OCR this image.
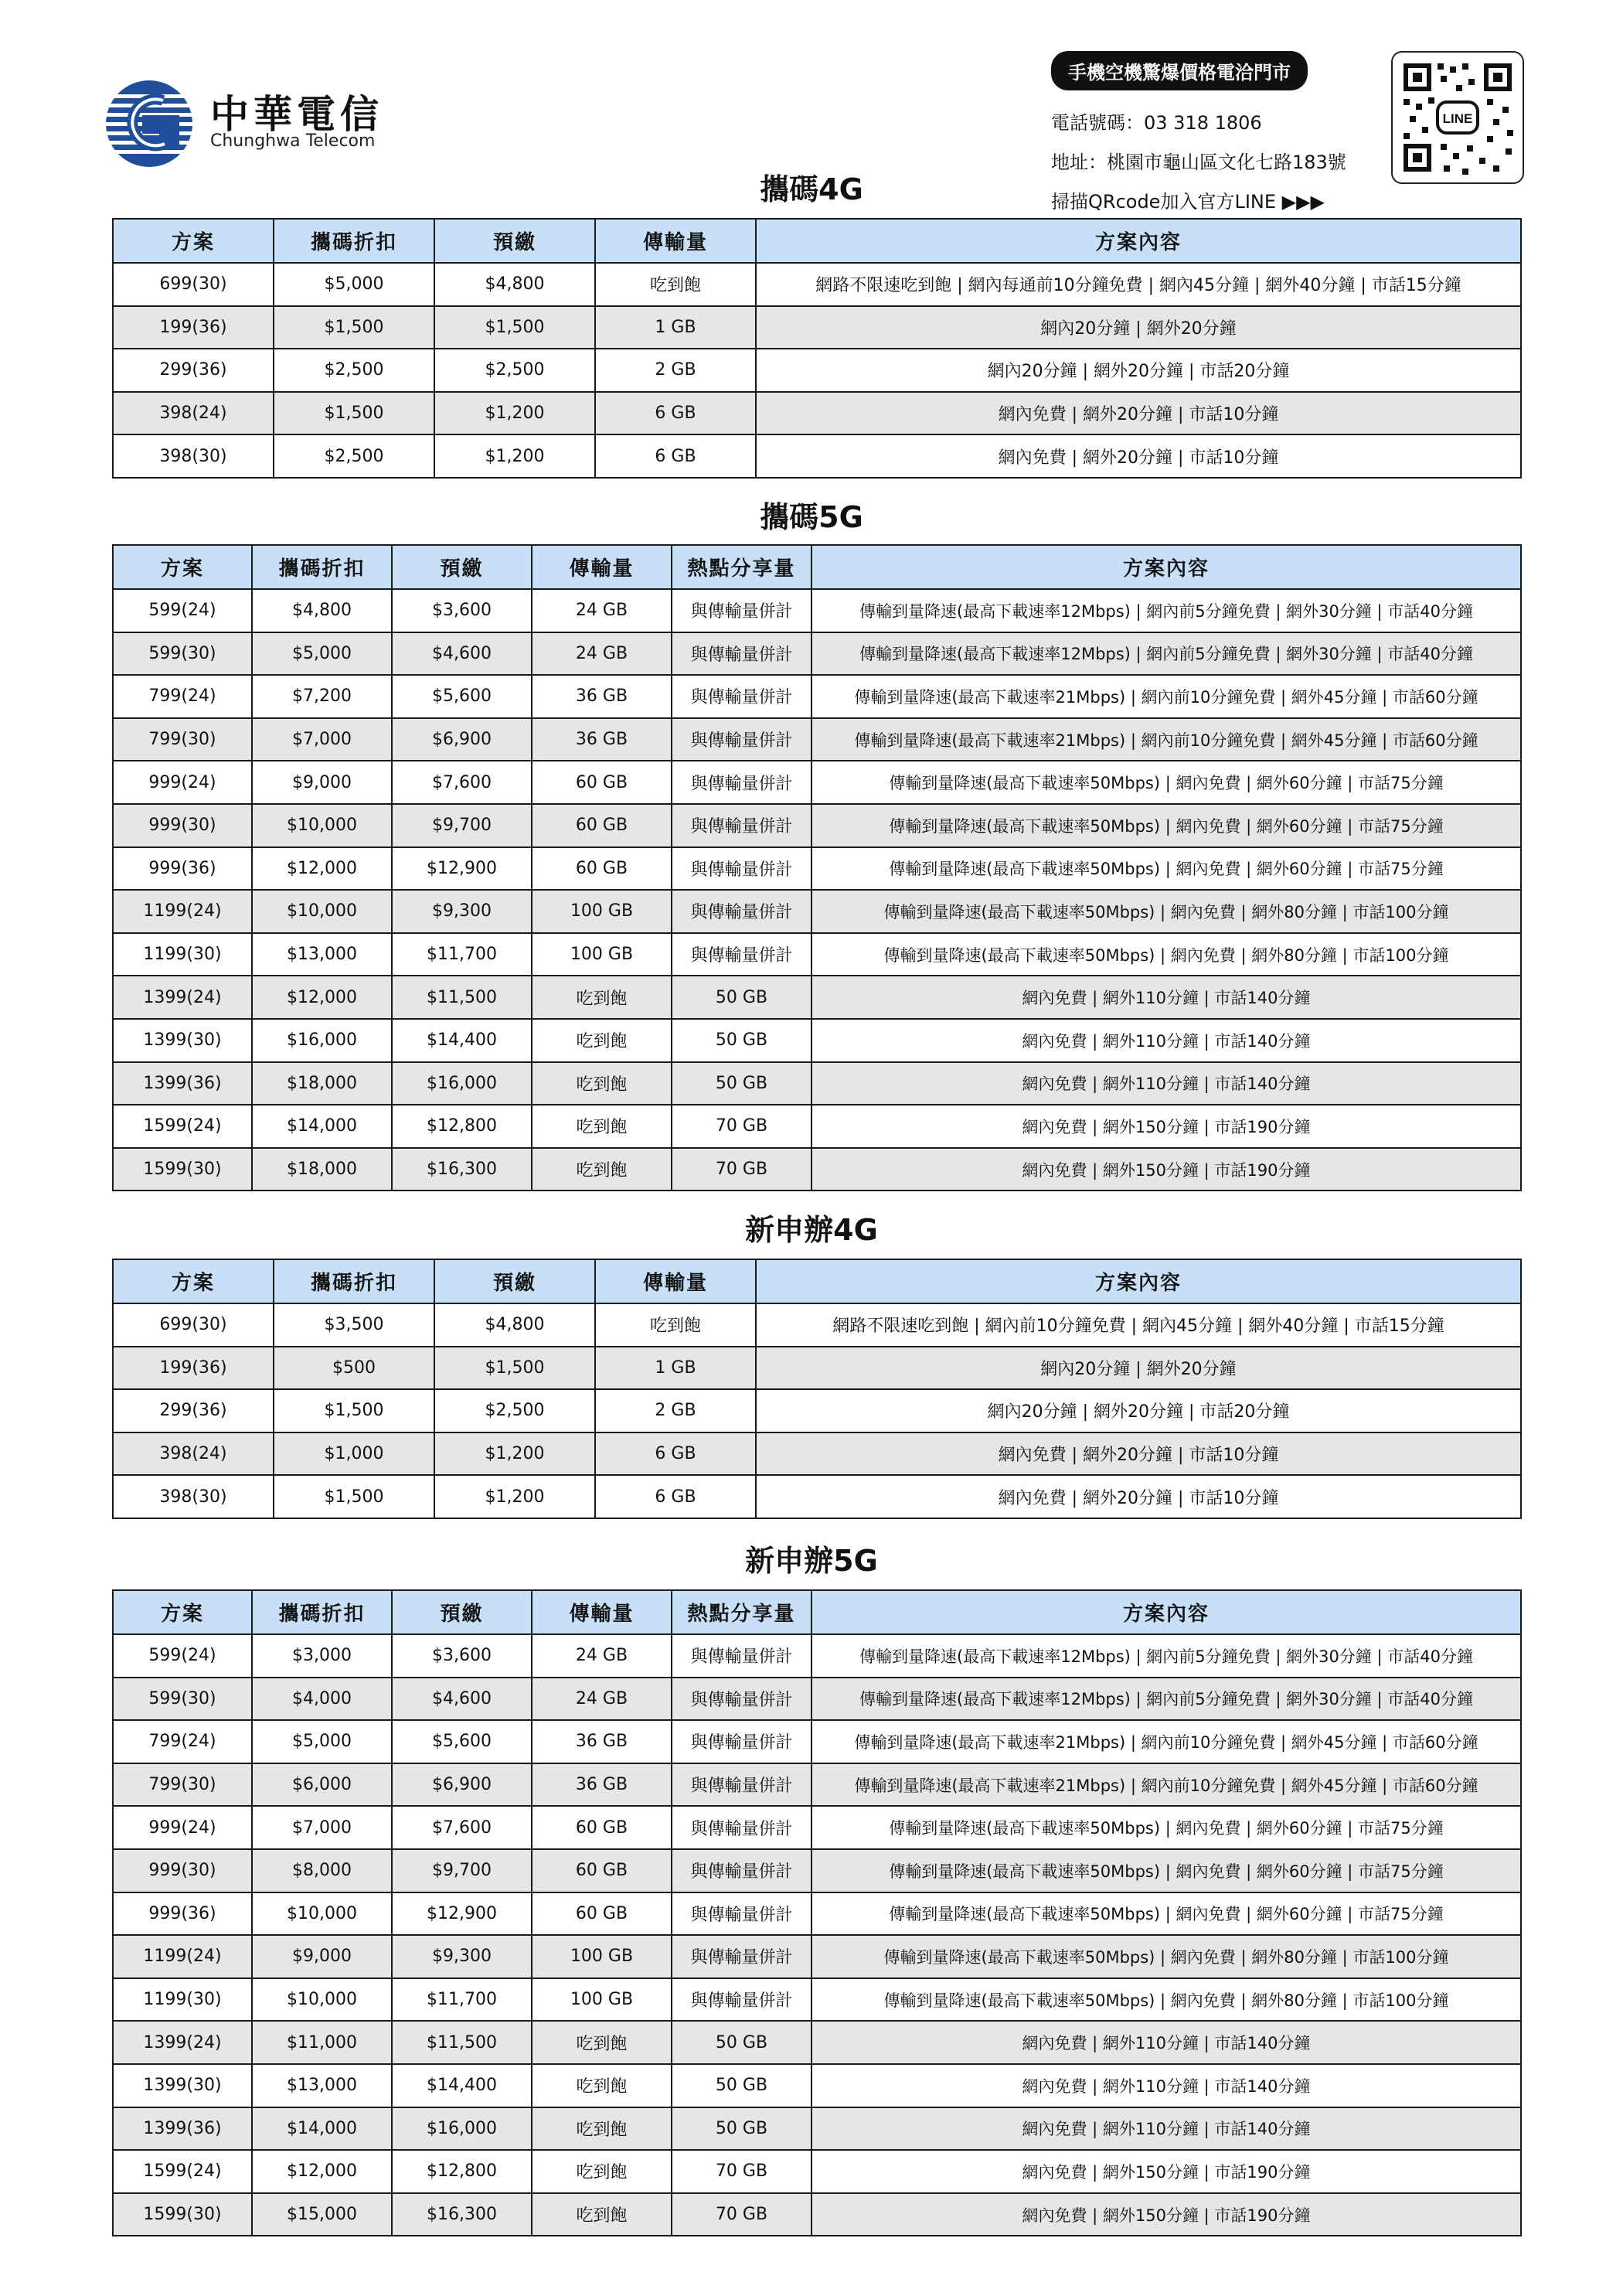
中華電信
Chunghwa Telecom
手機空機驚爆價格電洽門市
電話號碼：03 318 1806
地址：桃園市龜山區文化七路183號
掃描QRcode加入官方LINE ▶▶▶
LINE
攜碼4G
方案	攜碼折扣	預繳	傳輸量	方案內容
699(30)	$5,000	$4,800	吃到飽	網路不限速吃到飽 | 網內每通前10分鐘免費 | 網內45分鐘 | 網外40分鐘 | 市話15分鐘
199(36)	$1,500	$1,500	1 GB	網內20分鐘 | 網外20分鐘
299(36)	$2,500	$2,500	2 GB	網內20分鐘 | 網外20分鐘 | 市話20分鐘
398(24)	$1,500	$1,200	6 GB	網內免費 | 網外20分鐘 | 市話10分鐘
398(30)	$2,500	$1,200	6 GB	網內免費 | 網外20分鐘 | 市話10分鐘
攜碼5G
方案	攜碼折扣	預繳	傳輸量	熱點分享量	方案內容
599(24)	$4,800	$3,600	24 GB	與傳輸量併計	傳輸到量降速(最高下載速率12Mbps) | 網內前5分鐘免費 | 網外30分鐘 | 市話40分鐘
599(30)	$5,000	$4,600	24 GB	與傳輸量併計	傳輸到量降速(最高下載速率12Mbps) | 網內前5分鐘免費 | 網外30分鐘 | 市話40分鐘
799(24)	$7,200	$5,600	36 GB	與傳輸量併計	傳輸到量降速(最高下載速率21Mbps) | 網內前10分鐘免費 | 網外45分鐘 | 市話60分鐘
799(30)	$7,000	$6,900	36 GB	與傳輸量併計	傳輸到量降速(最高下載速率21Mbps) | 網內前10分鐘免費 | 網外45分鐘 | 市話60分鐘
999(24)	$9,000	$7,600	60 GB	與傳輸量併計	傳輸到量降速(最高下載速率50Mbps) | 網內免費 | 網外60分鐘 | 市話75分鐘
999(30)	$10,000	$9,700	60 GB	與傳輸量併計	傳輸到量降速(最高下載速率50Mbps) | 網內免費 | 網外60分鐘 | 市話75分鐘
999(36)	$12,000	$12,900	60 GB	與傳輸量併計	傳輸到量降速(最高下載速率50Mbps) | 網內免費 | 網外60分鐘 | 市話75分鐘
1199(24)	$10,000	$9,300	100 GB	與傳輸量併計	傳輸到量降速(最高下載速率50Mbps) | 網內免費 | 網外80分鐘 | 市話100分鐘
1199(30)	$13,000	$11,700	100 GB	與傳輸量併計	傳輸到量降速(最高下載速率50Mbps) | 網內免費 | 網外80分鐘 | 市話100分鐘
1399(24)	$12,000	$11,500	吃到飽	50 GB	網內免費 | 網外110分鐘 | 市話140分鐘
1399(30)	$16,000	$14,400	吃到飽	50 GB	網內免費 | 網外110分鐘 | 市話140分鐘
1399(36)	$18,000	$16,000	吃到飽	50 GB	網內免費 | 網外110分鐘 | 市話140分鐘
1599(24)	$14,000	$12,800	吃到飽	70 GB	網內免費 | 網外150分鐘 | 市話190分鐘
1599(30)	$18,000	$16,300	吃到飽	70 GB	網內免費 | 網外150分鐘 | 市話190分鐘
新申辦4G
方案	攜碼折扣	預繳	傳輸量	方案內容
699(30)	$3,500	$4,800	吃到飽	網路不限速吃到飽 | 網內前10分鐘免費 | 網內45分鐘 | 網外40分鐘 | 市話15分鐘
199(36)	$500	$1,500	1 GB	網內20分鐘 | 網外20分鐘
299(36)	$1,500	$2,500	2 GB	網內20分鐘 | 網外20分鐘 | 市話20分鐘
398(24)	$1,000	$1,200	6 GB	網內免費 | 網外20分鐘 | 市話10分鐘
398(30)	$1,500	$1,200	6 GB	網內免費 | 網外20分鐘 | 市話10分鐘
新申辦5G
方案	攜碼折扣	預繳	傳輸量	熱點分享量	方案內容
599(24)	$3,000	$3,600	24 GB	與傳輸量併計	傳輸到量降速(最高下載速率12Mbps) | 網內前5分鐘免費 | 網外30分鐘 | 市話40分鐘
599(30)	$4,000	$4,600	24 GB	與傳輸量併計	傳輸到量降速(最高下載速率12Mbps) | 網內前5分鐘免費 | 網外30分鐘 | 市話40分鐘
799(24)	$5,000	$5,600	36 GB	與傳輸量併計	傳輸到量降速(最高下載速率21Mbps) | 網內前10分鐘免費 | 網外45分鐘 | 市話60分鐘
799(30)	$6,000	$6,900	36 GB	與傳輸量併計	傳輸到量降速(最高下載速率21Mbps) | 網內前10分鐘免費 | 網外45分鐘 | 市話60分鐘
999(24)	$7,000	$7,600	60 GB	與傳輸量併計	傳輸到量降速(最高下載速率50Mbps) | 網內免費 | 網外60分鐘 | 市話75分鐘
999(30)	$8,000	$9,700	60 GB	與傳輸量併計	傳輸到量降速(最高下載速率50Mbps) | 網內免費 | 網外60分鐘 | 市話75分鐘
999(36)	$10,000	$12,900	60 GB	與傳輸量併計	傳輸到量降速(最高下載速率50Mbps) | 網內免費 | 網外60分鐘 | 市話75分鐘
1199(24)	$9,000	$9,300	100 GB	與傳輸量併計	傳輸到量降速(最高下載速率50Mbps) | 網內免費 | 網外80分鐘 | 市話100分鐘
1199(30)	$10,000	$11,700	100 GB	與傳輸量併計	傳輸到量降速(最高下載速率50Mbps) | 網內免費 | 網外80分鐘 | 市話100分鐘
1399(24)	$11,000	$11,500	吃到飽	50 GB	網內免費 | 網外110分鐘 | 市話140分鐘
1399(30)	$13,000	$14,400	吃到飽	50 GB	網內免費 | 網外110分鐘 | 市話140分鐘
1399(36)	$14,000	$16,000	吃到飽	50 GB	網內免費 | 網外110分鐘 | 市話140分鐘
1599(24)	$12,000	$12,800	吃到飽	70 GB	網內免費 | 網外150分鐘 | 市話190分鐘
1599(30)	$15,000	$16,300	吃到飽	70 GB	網內免費 | 網外150分鐘 | 市話190分鐘
